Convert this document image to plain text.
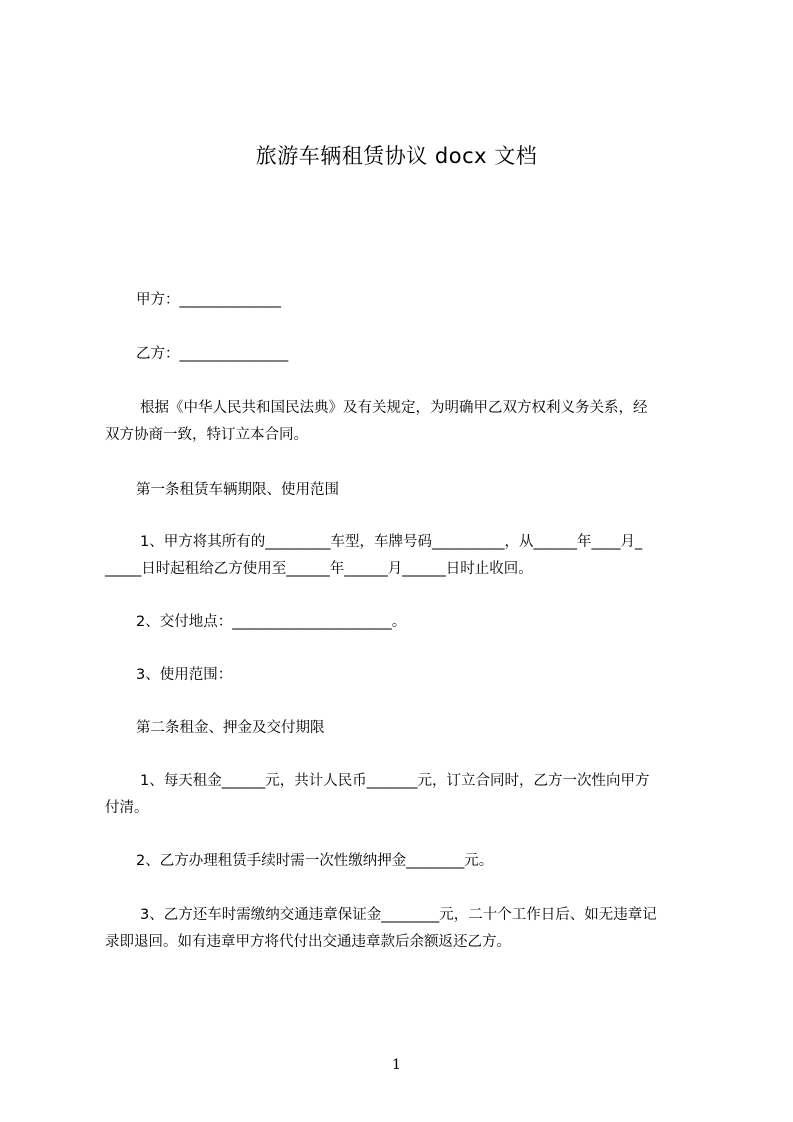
旅游车辆租赁协议 docx 文档
甲方：______________
乙方：_______________
根据《中华人民共和国民法典》及有关规定，为明确甲乙双方权利义务关系，经
双方协商一致，特订立本合同。
第一条租赁车辆期限、使用范围
1、甲方将其所有的_________车型，车牌号码__________，从______年____月_
_____日时起租给乙方使用至______年______月______日时止收回。
2、交付地点：______________________。
3、使用范围：
第二条租金、押金及交付期限
1、每天租金______元，共计人民币_______元，订立合同时，乙方一次性向甲方
付清。
2、乙方办理租赁手续时需一次性缴纳押金________元。
3、乙方还车时需缴纳交通违章保证金________元，二十个工作日后、如无违章记
录即退回。如有违章甲方将代付出交通违章款后余额返还乙方。
1
